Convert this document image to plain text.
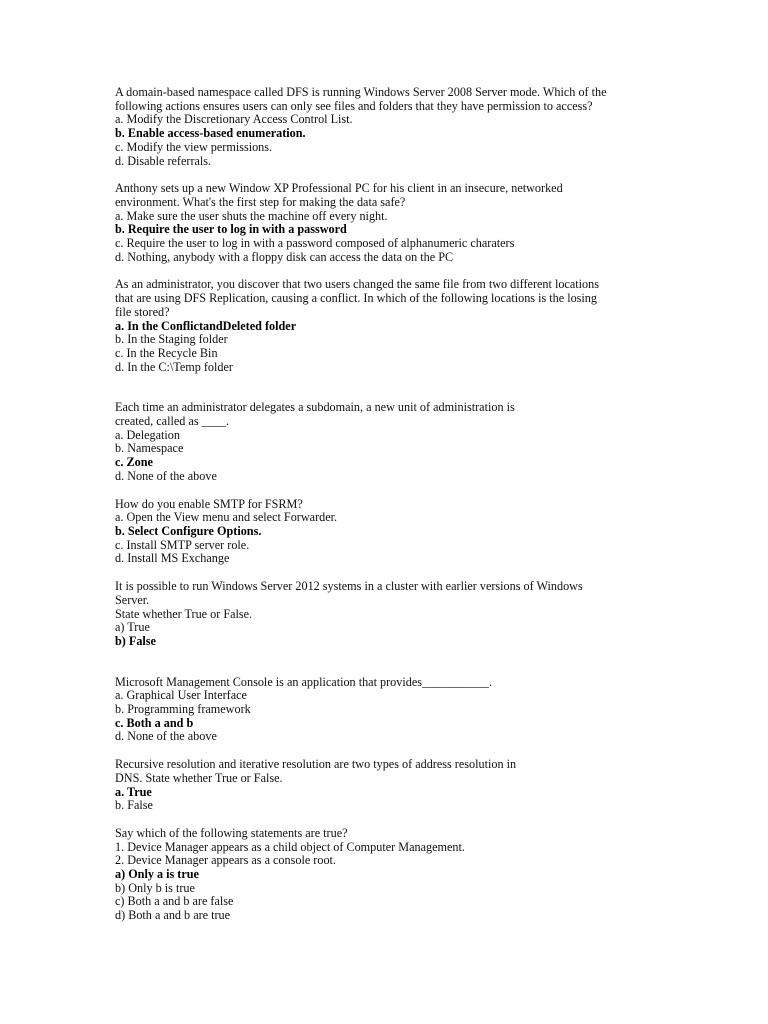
A domain-based namespace called DFS is running Windows Server 2008 Server mode. Which of the
following actions ensures users can only see files and folders that they have permission to access?
a. Modify the Discretionary Access Control List.
b. Enable access-based enumeration.
c. Modify the view permissions.
d. Disable referrals.
Anthony sets up a new Window XP Professional PC for his client in an insecure, networked
environment. What's the first step for making the data safe?
a. Make sure the user shuts the machine off every night.
b. Require the user to log in with a password
c. Require the user to log in with a password composed of alphanumeric charaters
d. Nothing, anybody with a floppy disk can access the data on the PC
As an administrator, you discover that two users changed the same file from two different locations
that are using DFS Replication, causing a conflict. In which of the following locations is the losing
file stored?
a. In the ConflictandDeleted folder
b. In the Staging folder
c. In the Recycle Bin
d. In the C:\Temp folder
Each time an administrator delegates a subdomain, a new unit of administration is
created, called as ____.
a. Delegation
b. Namespace
c. Zone
d. None of the above
How do you enable SMTP for FSRM?
a. Open the View menu and select Forwarder.
b. Select Configure Options.
c. Install SMTP server role.
d. Install MS Exchange
It is possible to run Windows Server 2012 systems in a cluster with earlier versions of Windows
Server.
State whether True or False.
a) True
b) False
Microsoft Management Console is an application that provides___________.
a. Graphical User Interface
b. Programming framework
c. Both a and b
d. None of the above
Recursive resolution and iterative resolution are two types of address resolution in
DNS. State whether True or False.
a. True
b. False
Say which of the following statements are true?
1. Device Manager appears as a child object of Computer Management.
2. Device Manager appears as a console root.
a) Only a is true
b) Only b is true
c) Both a and b are false
d) Both a and b are true
